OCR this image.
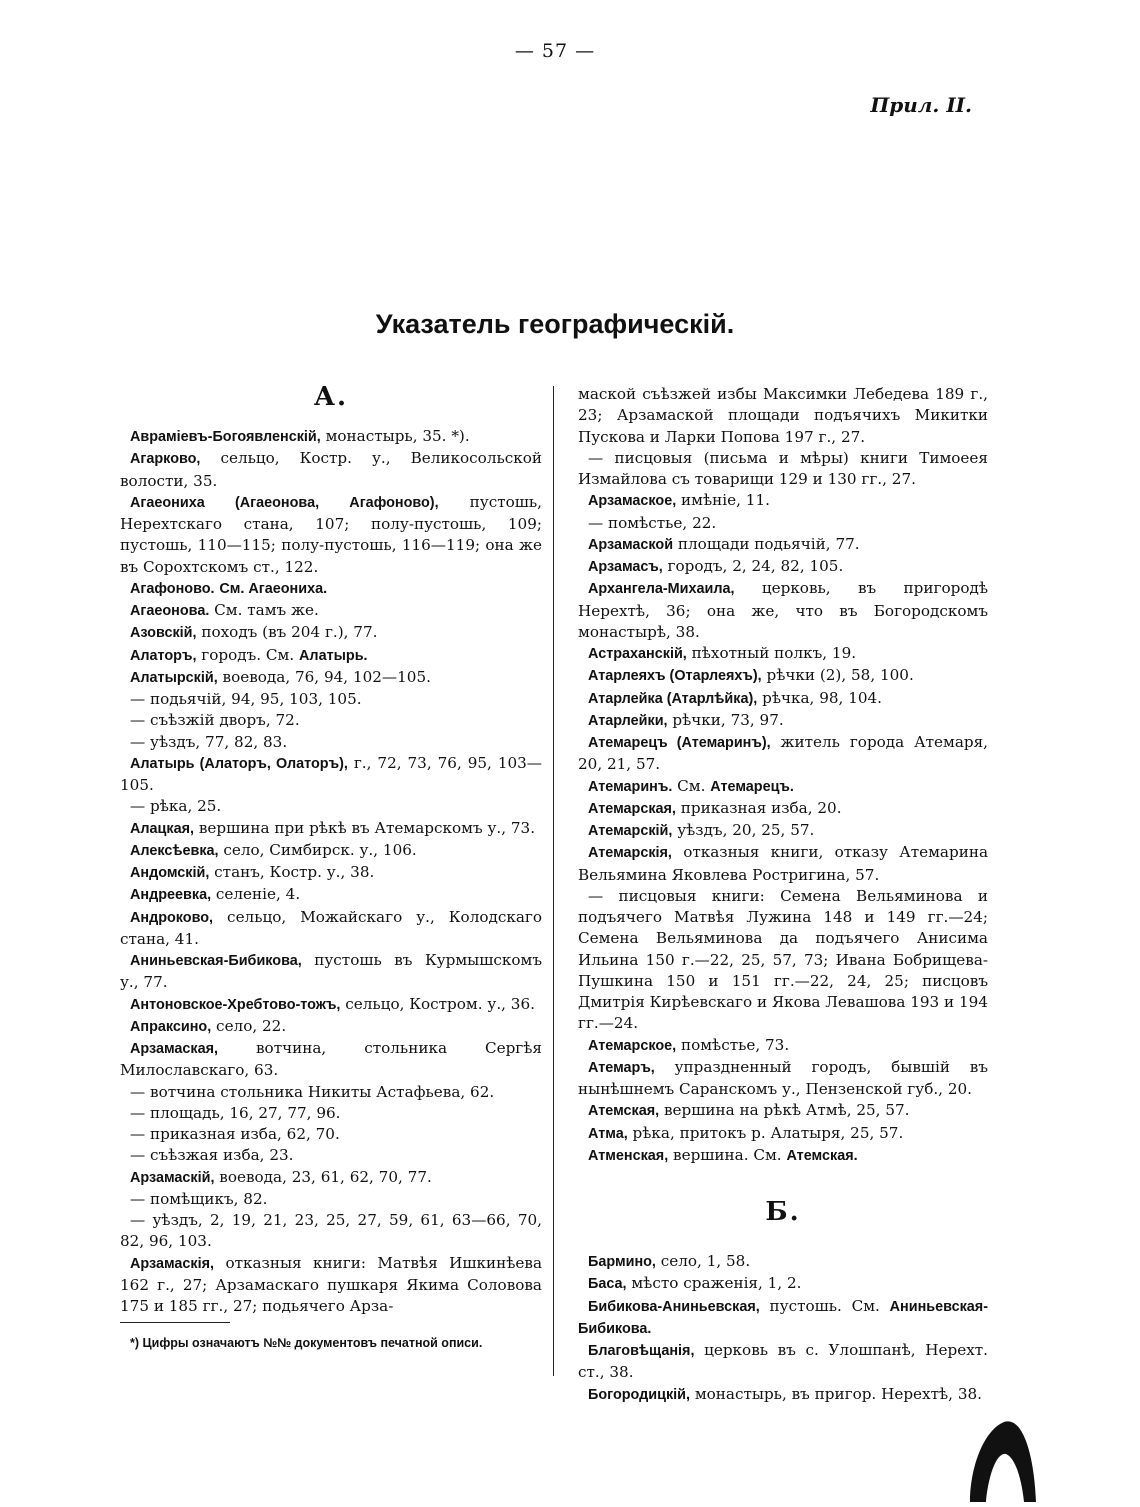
— 57 —
Прил. II.
Указатель географическій.
А.
Авраміевъ-Богоявленскій, монастырь, 35. *).
Агарково, сельцо, Костр. у., Великосольской волости, 35.
Агаеониха (Агаеонова, Агафоново), пустошь, Нерехтскаго стана, 107; полу-пустошь, 109; пустошь, 110—115; полу-пустошь, 116—119; она же въ Сорохтскомъ ст., 122.
Агафоново. См. Агаеониха.
Агаеонова. См. тамъ же.
Азовскій, походъ (въ 204 г.), 77.
Алаторъ, городъ. См. Алатырь.
Алатырскій, воевода, 76, 94, 102—105.
— подьячій, 94, 95, 103, 105.
— съѣзжій дворъ, 72.
— уѣздъ, 77, 82, 83.
Алатырь (Алаторъ, Олаторъ), г., 72, 73, 76, 95, 103—105.
— рѣка, 25.
Алацкая, вершина при рѣкѣ въ Атемарскомъ у., 73.
Алексѣевка, село, Симбирск. у., 106.
Андомскій, станъ, Костр. у., 38.
Андреевка, селеніе, 4.
Андроково, сельцо, Можайскаго у., Колодскаго стана, 41.
Аниньевская-Бибикова, пустошь въ Курмышскомъ у., 77.
Антоновское-Хребтово-тожъ, сельцо, Костром. у., 36.
Апраксино, село, 22.
Арзамаская, вотчина, стольника Сергѣя Милославскаго, 63.
— вотчина стольника Никиты Астафьева, 62.
— площадь, 16, 27, 77, 96.
— приказная изба, 62, 70.
— съѣзжая изба, 23.
Арзамаскій, воевода, 23, 61, 62, 70, 77.
— помѣщикъ, 82.
— уѣздъ, 2, 19, 21, 23, 25, 27, 59, 61, 63—66, 70, 82, 96, 103.
Арзамаскія, отказныя книги: Матвѣя Ишкинѣева 162 г., 27; Арзамаскаго пушкаря Якима Соловова 175 и 185 гг., 27; подьячего Арза-
маской съѣзжей избы Максимки Лебедева 189 г., 23; Арзамаской площади подъячихъ Микитки Пускова и Ларки Попова 197 г., 27.
— писцовыя (письма и мѣры) книги Тимоеея Измайлова съ товарищи 129 и 130 гг., 27.
Арзамаское, имѣніе, 11.
— помѣстье, 22.
Арзамаской площади подьячій, 77.
Арзамасъ, городъ, 2, 24, 82, 105.
Архангела-Михаила, церковь, въ пригородѣ Нерехтѣ, 36; она же, что въ Богородскомъ монастырѣ, 38.
Астраханскій, пѣхотный полкъ, 19.
Атарлеяхъ (Отарлеяхъ), рѣчки (2), 58, 100.
Атарлейка (Атарлѣйка), рѣчка, 98, 104.
Атарлейки, рѣчки, 73, 97.
Атемарецъ (Атемаринъ), житель города Атемаря, 20, 21, 57.
Атемаринъ. См. Атемарецъ.
Атемарская, приказная изба, 20.
Атемарскій, уѣздъ, 20, 25, 57.
Атемарскія, отказныя книги, отказу Атемарина Вельямина Яковлева Ростригина, 57.
— писцовыя книги: Семена Вельяминова и подъячего Матвѣя Лужина 148 и 149 гг.—24; Семена Вельяминова да подъячего Анисима Ильина 150 г.—22, 25, 57, 73; Ивана Бобрищева-Пушкина 150 и 151 гг.—22, 24, 25; писцовъ Дмитрія Кирѣевскаго и Якова Левашова 193 и 194 гг.—24.
Атемарское, помѣстье, 73.
Атемаръ, упраздненный городъ, бывшій въ нынѣшнемъ Саранскомъ у., Пензенской губ., 20.
Атемская, вершина на рѣкѣ Атмѣ, 25, 57.
Атма, рѣка, притокъ р. Алатыря, 25, 57.
Атменская, вершина. См. Атемская.
Б.
Бармино, село, 1, 58.
Баса, мѣсто сраженія, 1, 2.
Бибикова-Аниньевская, пустошь. См. Аниньевская-Бибикова.
Благовѣщанія, церковь въ с. Улошпанѣ, Нерехт. ст., 38.
Богородицкій, монастырь, въ пригор. Нерехтѣ, 38.
*) Цифры означаютъ №№ документовъ печатной описи.
